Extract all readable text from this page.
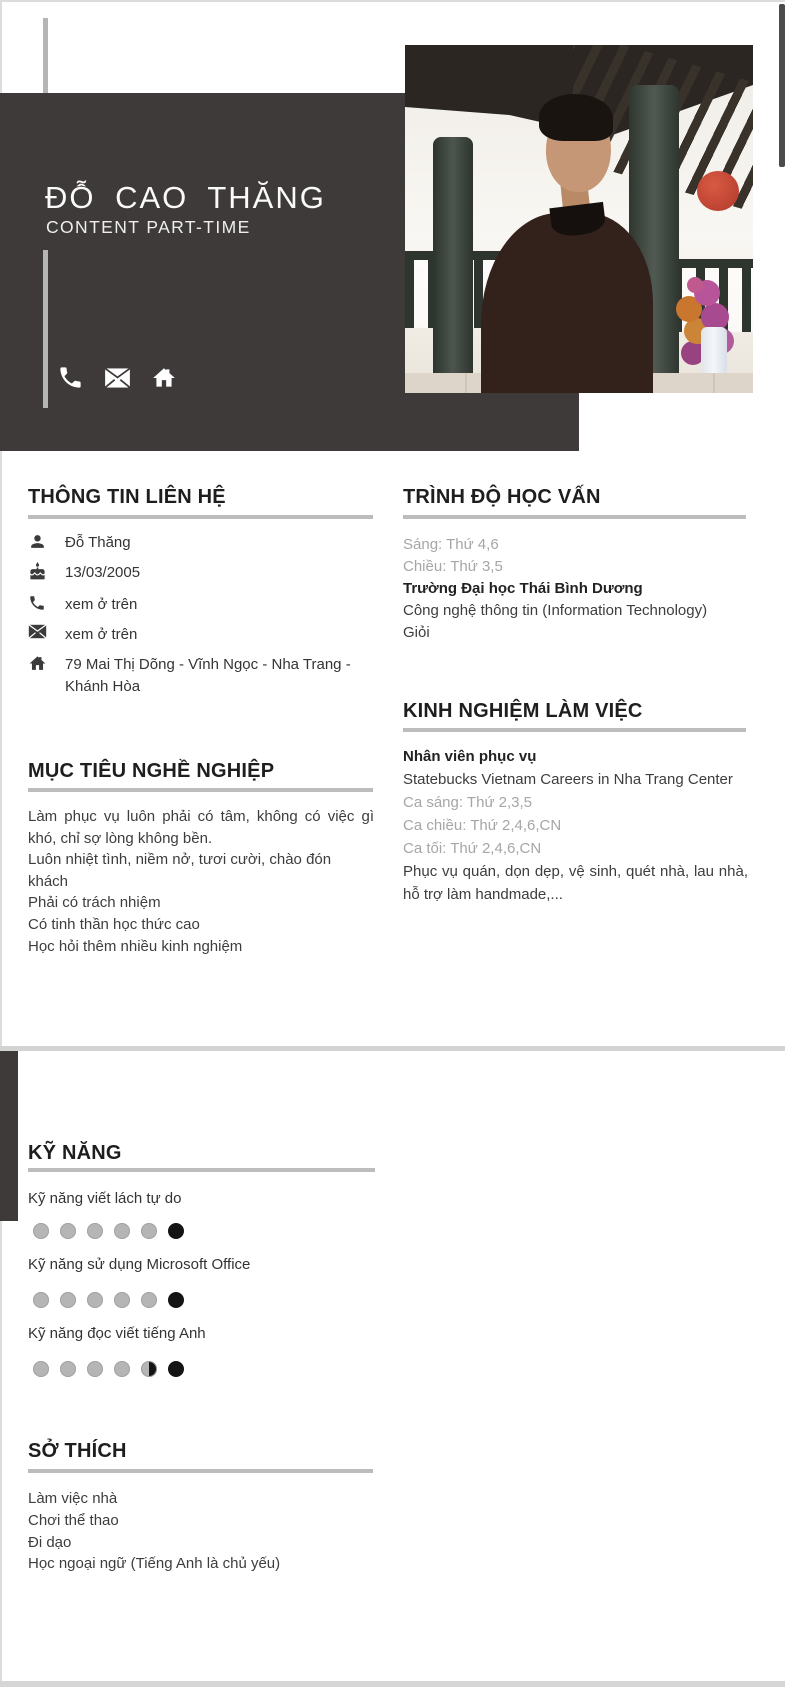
ĐỖ CAO THĂNG
CONTENT PART-TIME
THÔNG TIN LIÊN HỆ
Đỗ Thăng
13/03/2005
xem ở trên
xem ở trên
79 Mai Thị Dõng - Vĩnh Ngọc - Nha Trang - Khánh Hòa
MỤC TIÊU NGHỀ NGHIỆP
Làm phục vụ luôn phải có tâm, không có việc gì khó, chỉ sợ lòng không bền.
Luôn nhiệt tình, niềm nở, tươi cười, chào đón khách
Phải có trách nhiệm
Có tinh thần học thức cao
Học hỏi thêm nhiều kinh nghiệm
TRÌNH ĐỘ HỌC VẤN
Sáng: Thứ 4,6
Chiều: Thứ 3,5
Trường Đại học Thái Bình Dương
Công nghệ thông tin (Information Technology)
Giỏi
KINH NGHIỆM LÀM VIỆC
Nhân viên phục vụ
Statebucks Vietnam Careers in Nha Trang Center
Ca sáng: Thứ 2,3,5
Ca chiều: Thứ 2,4,6,CN
Ca tối: Thứ 2,4,6,CN
Phục vụ quán, dọn dẹp, vệ sinh, quét nhà, lau nhà, hỗ trợ làm handmade,...
KỸ NĂNG
Kỹ năng viết lách tự do
Kỹ năng sử dụng Microsoft Office
Kỹ năng đọc viết tiếng Anh
SỞ THÍCH
Làm việc nhà
Chơi thể thao
Đi dạo
Học ngoại ngữ (Tiếng Anh là chủ yếu)
